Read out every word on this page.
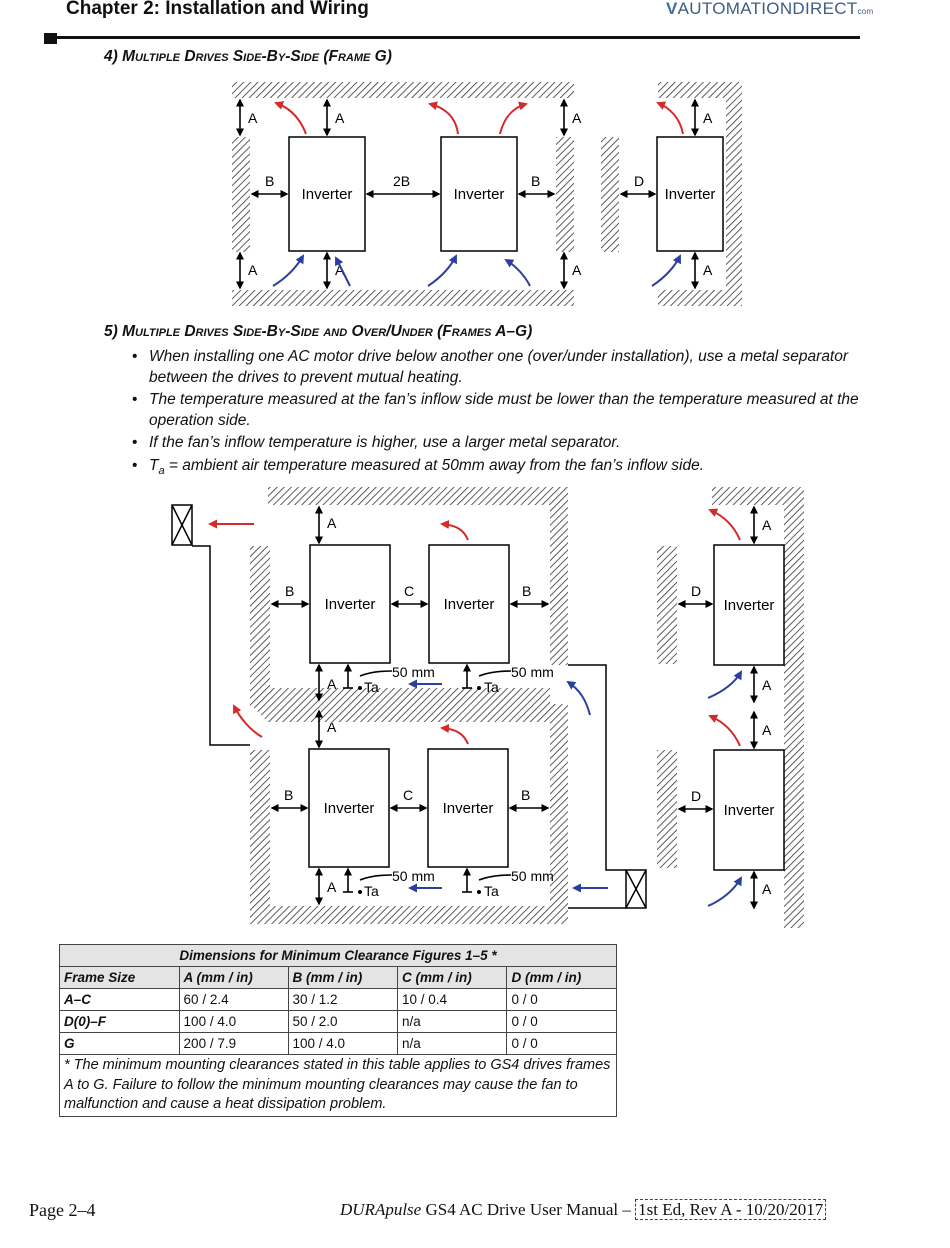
Chapter 2: Installation and Wiring	VAUTOMATIONDIRECTcom
4) Multiple Drives Side-By-Side (Frame G)
Inverter	Inverter	Inverter
A	A	A	A
A	A	A	A
B	2B	B	D
Inverter	Inverter
Inverter	Inverter
Inverter
Inverter
A
A
A
A
B	C	B
B	C	B
D
D
A
A
A
A
50 mm	50 mm
50 mm	50 mm
Ta	Ta
Ta	Ta
5) Multiple Drives Side-By-Side and Over/Under (Frames A–G)
• When installing one AC motor drive below another one (over/under installation), use a metal separator between the drives to prevent mutual heating.
• The temperature measured at the fan’s inflow side must be lower than the temperature measured at the operation side.
• If the fan’s inflow temperature is higher, use a larger metal separator.
• $T_a$ = ambient air temperature measured at 50mm away from the fan’s inflow side.
Dimensions for Minimum Clearance Figures 1–5 *				
Frame Size	A (mm / in)	B (mm / in)	C (mm / in)	D (mm / in)
A–C	60 / 2.4	30 / 1.2	10 / 0.4	0 / 0
D(0)–F	100 / 4.0	50 / 2.0	n/a	0 / 0
G	200 / 7.9	100 / 4.0	n/a	0 / 0
* The minimum mounting clearances stated in this table applies to GS4 drives frames A to G. Failure to follow the minimum mounting clearances may cause the fan to malfunction and cause a heat dissipation problem.				
Page 2–4	DURApulse GS4 AC Drive User Manual – 1st Ed, Rev A - 10/20/2017
